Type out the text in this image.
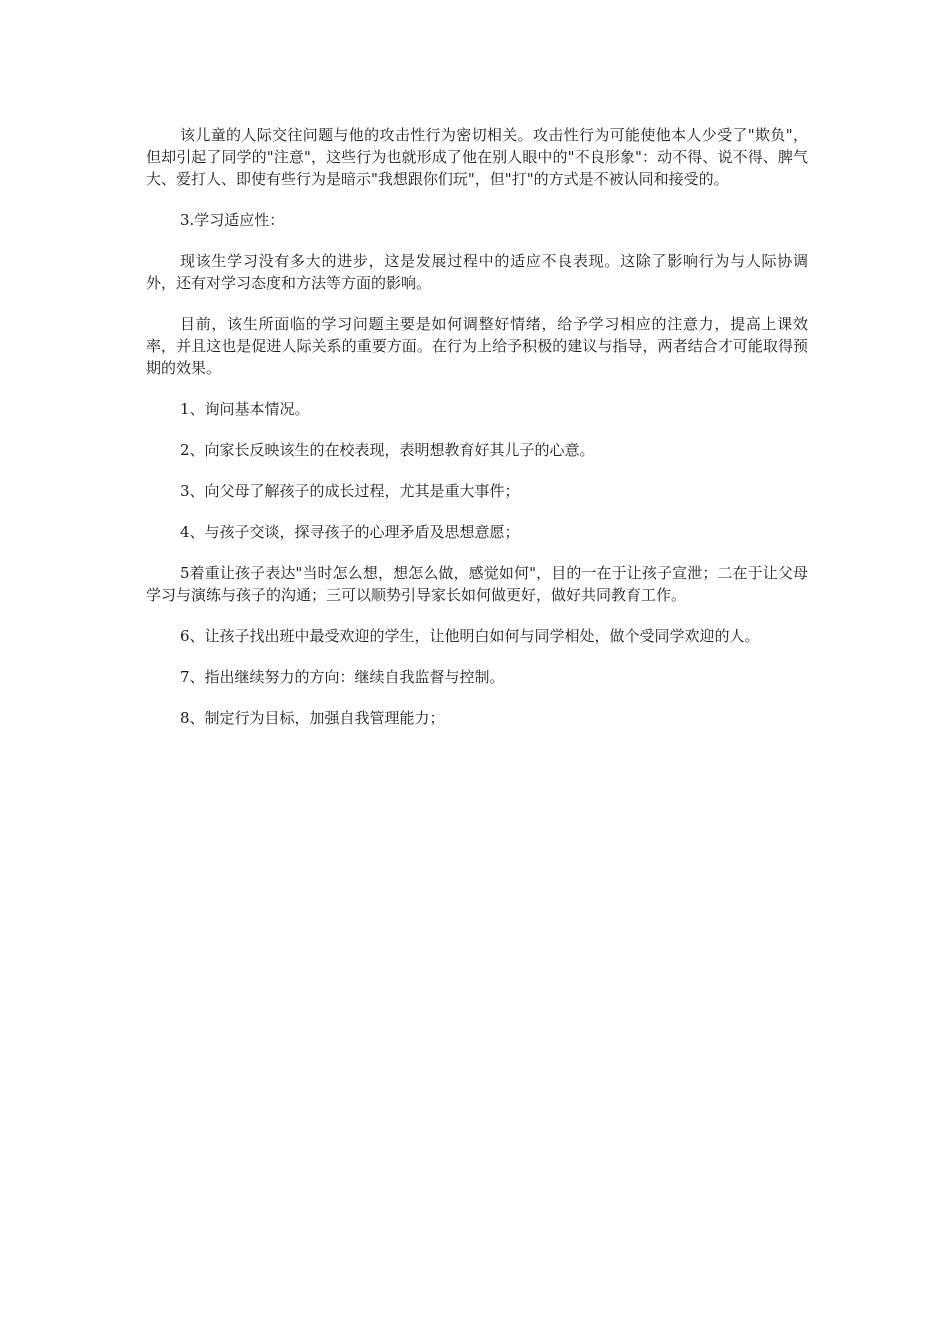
该儿童的人际交往问题与他的攻击性行为密切相关。攻击性行为可能使他本人少受了"欺负"，但却引起了同学的"注意"，这些行为也就形成了他在别人眼中的"不良形象"：动不得、说不得、脾气大、爱打人、即使有些行为是暗示"我想跟你们玩"，但"打"的方式是不被认同和接受的。

3.学习适应性：

现该生学习没有多大的进步，这是发展过程中的适应不良表现。这除了影响行为与人际协调外，还有对学习态度和方法等方面的影响。

目前，该生所面临的学习问题主要是如何调整好情绪，给予学习相应的注意力，提高上课效率，并且这也是促进人际关系的重要方面。在行为上给予积极的建议与指导，两者结合才可能取得预期的效果。

1、询问基本情况。

2、向家长反映该生的在校表现，表明想教育好其儿子的心意。

3、向父母了解孩子的成长过程，尤其是重大事件；

4、与孩子交谈，探寻孩子的心理矛盾及思想意愿；

5着重让孩子表达"当时怎么想，想怎么做，感觉如何"，目的一在于让孩子宣泄；二在于让父母学习与演练与孩子的沟通；三可以顺势引导家长如何做更好，做好共同教育工作。

6、让孩子找出班中最受欢迎的学生，让他明白如何与同学相处，做个受同学欢迎的人。

7、指出继续努力的方向：继续自我监督与控制。

8、制定行为目标，加强自我管理能力；
